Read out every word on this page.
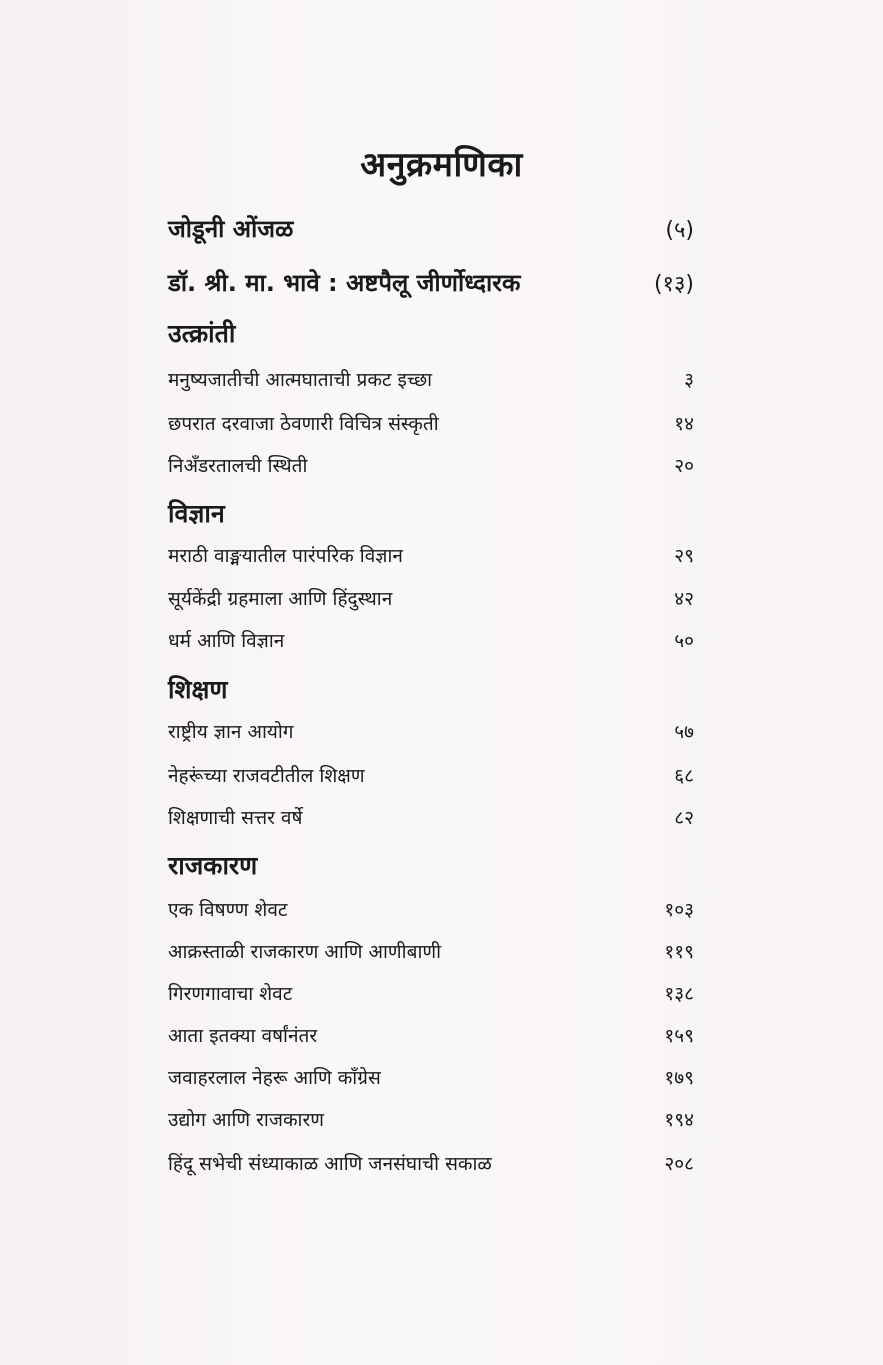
अनुक्रमणिका
जोडूनी ओंजळ	(५)
डॉ. श्री. मा. भावे : अष्टपैलू जीर्णोध्दारक	(१३)
उत्क्रांती
मनुष्यजातीची आत्मघाताची प्रकट इच्छा	३
छपरात दरवाजा ठेवणारी विचित्र संस्कृती	१४
निअँडरतालची स्थिती	२०
विज्ञान
मराठी वाङ्मयातील पारंपरिक विज्ञान	२९
सूर्यकेंद्री ग्रहमाला आणि हिंदुस्थान	४२
धर्म आणि विज्ञान	५०
शिक्षण
राष्ट्रीय ज्ञान आयोग	५७
नेहरूंच्या राजवटीतील शिक्षण	६८
शिक्षणाची सत्तर वर्षे	८२
राजकारण
एक विषण्ण शेवट	१०३
आक्रस्ताळी राजकारण आणि आणीबाणी	११९
गिरणगावाचा शेवट	१३८
आता इतक्या वर्षांनंतर	१५९
जवाहरलाल नेहरू आणि काँग्रेस	१७९
उद्योग आणि राजकारण	१९४
हिंदू सभेची संध्याकाळ आणि जनसंघाची सकाळ	२०८
